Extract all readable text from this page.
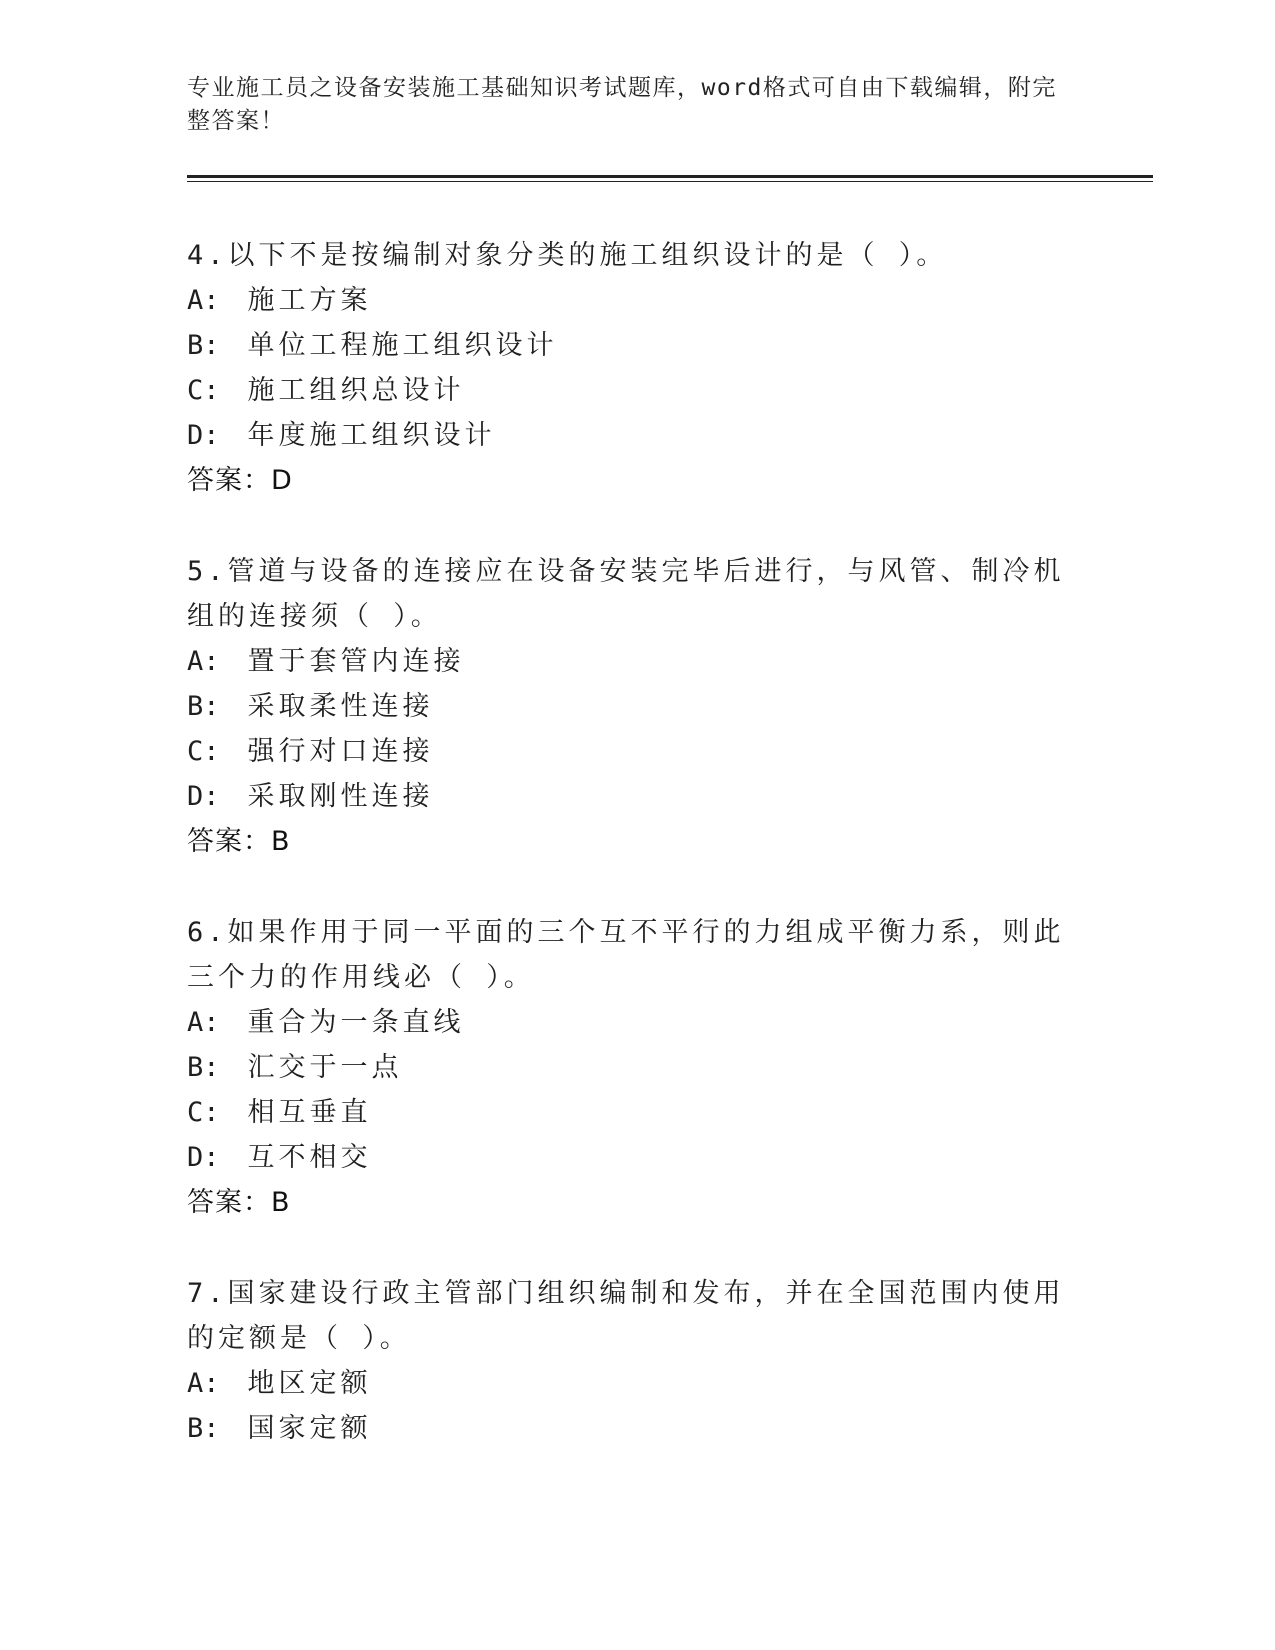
专业施工员之设备安装施工基础知识考试题库，word格式可自由下载编辑，附完整答案！
4.以下不是按编制对象分类的施工组织设计的是（ ）。
A: 施工方案
B: 单位工程施工组织设计
C: 施工组织总设计
D: 年度施工组织设计
答案：D
5.管道与设备的连接应在设备安装完毕后进行，与风管、制冷机组的连接须（ ）。
A: 置于套管内连接
B: 采取柔性连接
C: 强行对口连接
D: 采取刚性连接
答案：B
6.如果作用于同一平面的三个互不平行的力组成平衡力系，则此三个力的作用线必（ ）。
A: 重合为一条直线
B: 汇交于一点
C: 相互垂直
D: 互不相交
答案：B
7.国家建设行政主管部门组织编制和发布，并在全国范围内使用的定额是（ ）。
A: 地区定额
B: 国家定额
